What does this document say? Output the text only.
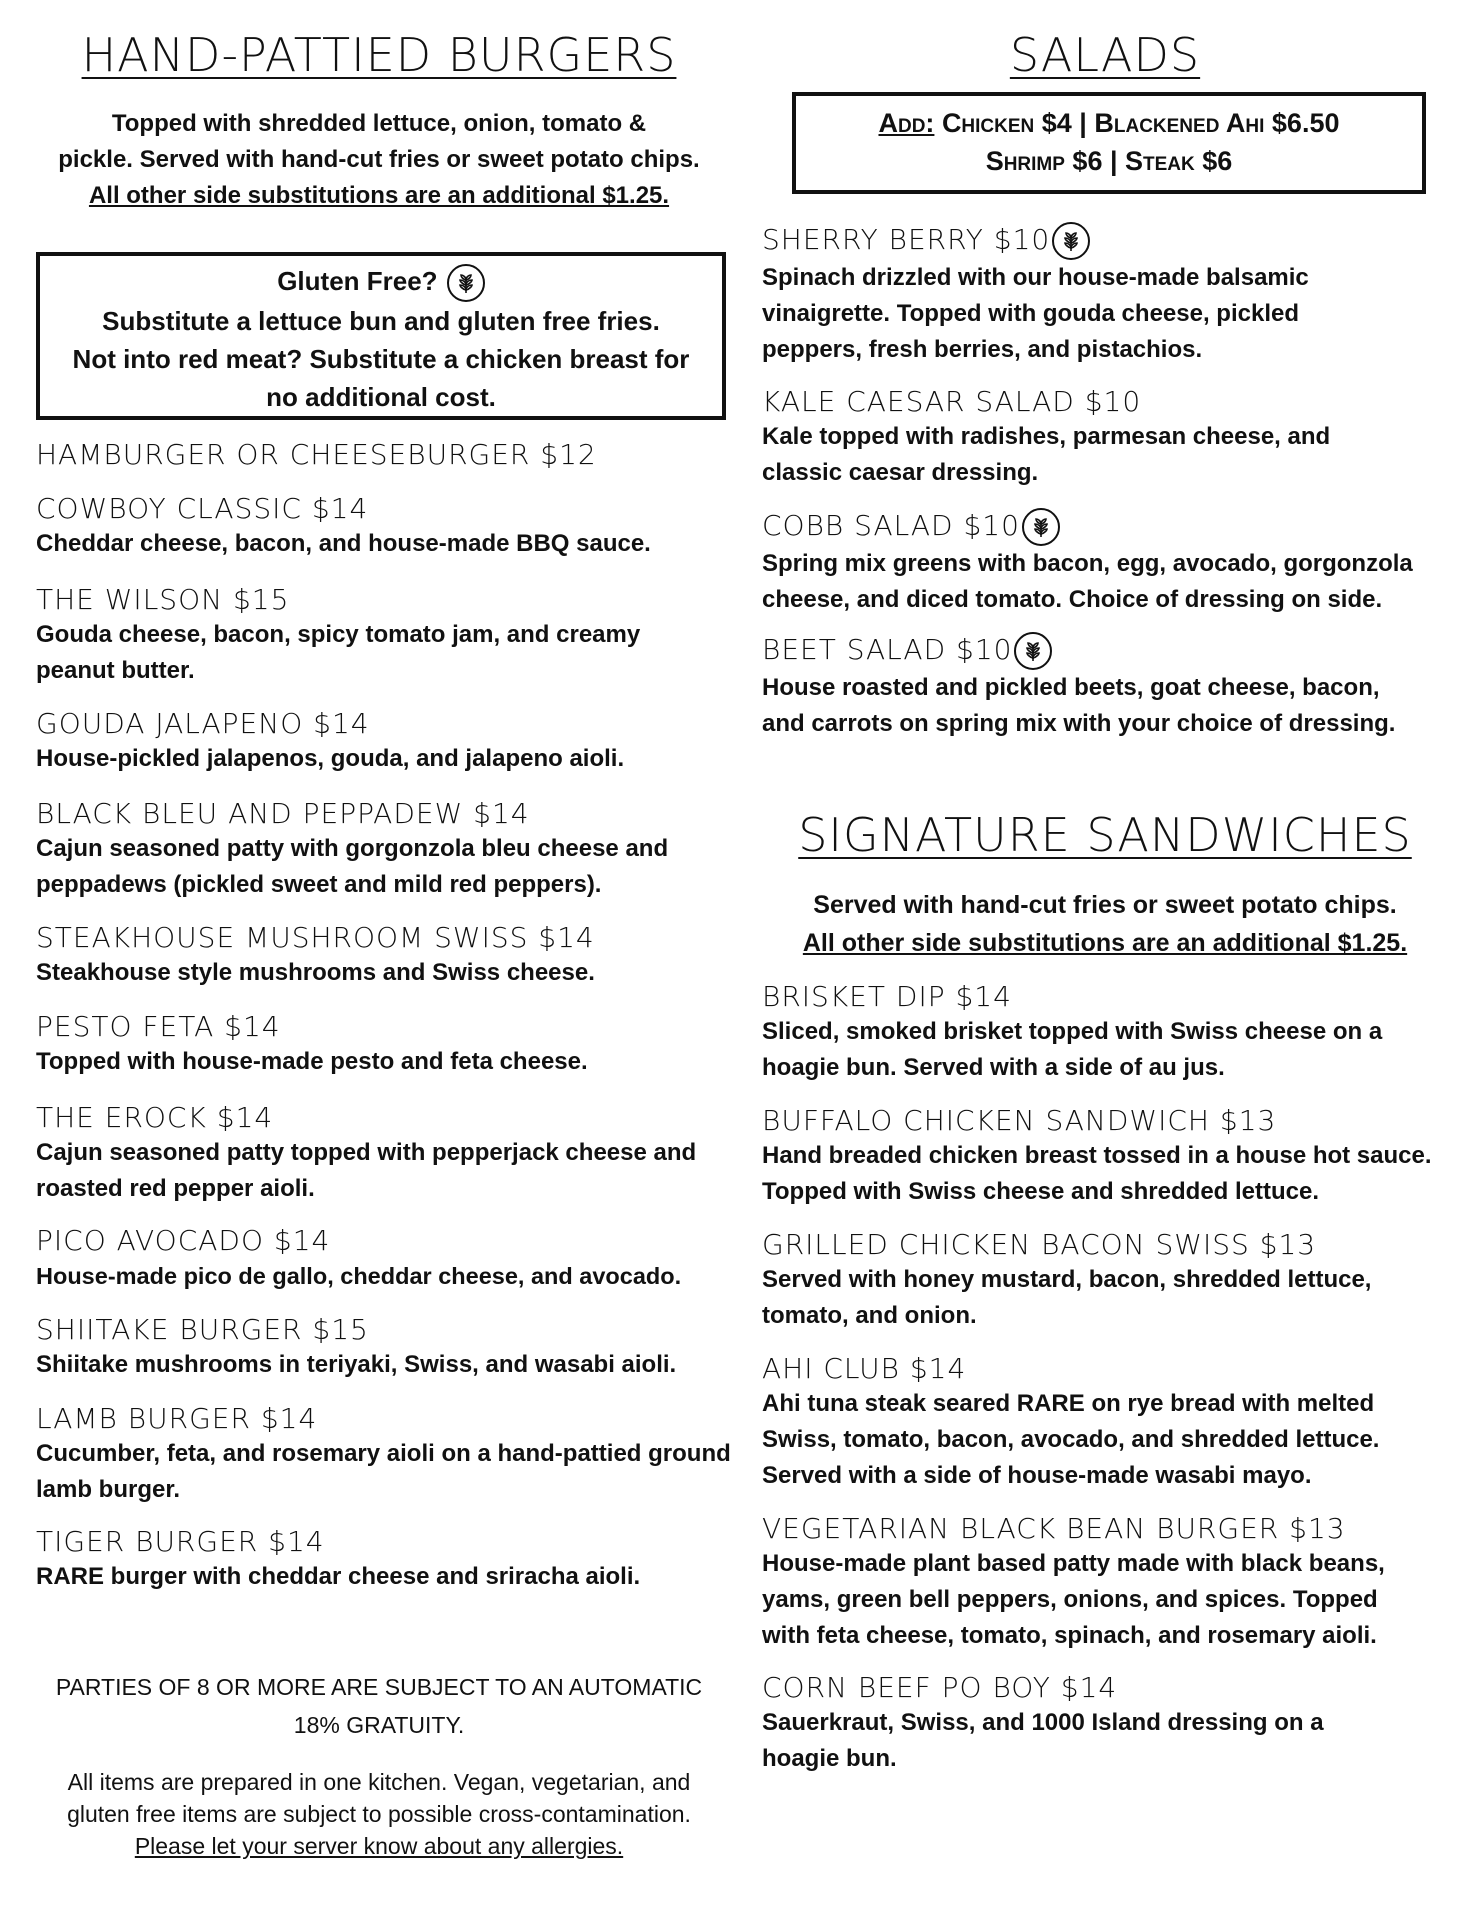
HAND-PATTIED BURGERS

Topped with shredded lettuce, onion, tomato &
pickle. Served with hand-cut fries or sweet potato chips.
All other side substitutions are an additional $1.25.

Gluten Free?
Substitute a lettuce bun and gluten free fries.
Not into red meat? Substitute a chicken breast for
no additional cost.
HAMBURGER OR CHEESEBURGER $12
COWBOY CLASSIC $14
Cheddar cheese, bacon, and house-made BBQ sauce.
THE WILSON $15
Gouda cheese, bacon, spicy tomato jam, and creamy peanut butter.
GOUDA JALAPENO $14
House-pickled jalapenos, gouda, and jalapeno aioli.
BLACK BLEU AND PEPPADEW $14
Cajun seasoned patty with gorgonzola bleu cheese and peppadews (pickled sweet and mild red peppers).
STEAKHOUSE MUSHROOM SWISS $14
Steakhouse style mushrooms and Swiss cheese.
PESTO FETA $14
Topped with house-made pesto and feta cheese.
THE EROCK $14
Cajun seasoned patty topped with pepperjack cheese and roasted red pepper aioli.
PICO AVOCADO $14
House-made pico de gallo, cheddar cheese, and avocado.
SHIITAKE BURGER $15
Shiitake mushrooms in teriyaki, Swiss, and wasabi aioli.
LAMB BURGER $14
Cucumber, feta, and rosemary aioli on a hand-pattied ground lamb burger.
TIGER BURGER $14
RARE burger with cheddar cheese and sriracha aioli.
PARTIES OF 8 OR MORE ARE SUBJECT TO AN AUTOMATIC
18% GRATUITY.
All items are prepared in one kitchen. Vegan, vegetarian, and
gluten free items are subject to possible cross-contamination.
Please let your server know about any allergies.
SALADS
Add: Chicken $4 | Blackened Ahi $6.50
Shrimp $6 | Steak $6
SHERRY BERRY $10
Spinach drizzled with our house-made balsamic vinaigrette. Topped with gouda cheese, pickled peppers, fresh berries, and pistachios.
KALE CAESAR SALAD $10
Kale topped with radishes, parmesan cheese, and classic caesar dressing.
COBB SALAD $10
Spring mix greens with bacon, egg, avocado, gorgonzola cheese, and diced tomato. Choice of dressing on side.
BEET SALAD $10
House roasted and pickled beets, goat cheese, bacon, and carrots on spring mix with your choice of dressing.
SIGNATURE SANDWICHES

Served with hand-cut fries or sweet potato chips.
All other side substitutions are an additional $1.25.

BRISKET DIP $14
Sliced, smoked brisket topped with Swiss cheese on a hoagie bun. Served with a side of au jus.
BUFFALO CHICKEN SANDWICH $13
Hand breaded chicken breast tossed in a house hot sauce. Topped with Swiss cheese and shredded lettuce.
GRILLED CHICKEN BACON SWISS $13
Served with honey mustard, bacon, shredded lettuce, tomato, and onion.
AHI CLUB $14
Ahi tuna steak seared RARE on rye bread with melted Swiss, tomato, bacon, avocado, and shredded lettuce. Served with a side of house-made wasabi mayo.
VEGETARIAN BLACK BEAN BURGER $13
House-made plant based patty made with black beans, yams, green bell peppers, onions, and spices. Topped with feta cheese, tomato, spinach, and rosemary aioli.
CORN BEEF PO BOY $14
Sauerkraut, Swiss, and 1000 Island dressing on a hoagie bun.
